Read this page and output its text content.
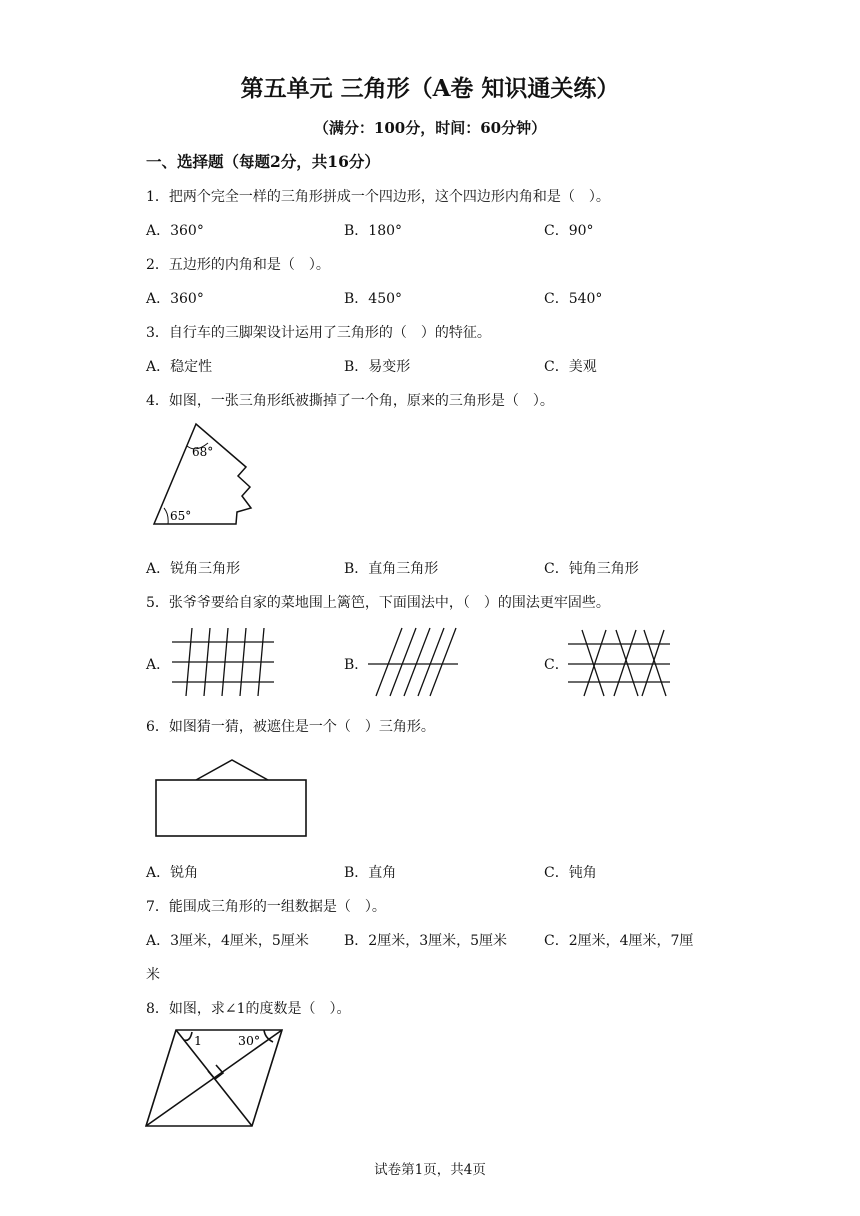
第五单元 三角形（A卷 知识通关练）
（满分：100分，时间：60分钟）
一、选择题（每题2分，共16分）
1．把两个完全一样的三角形拼成一个四边形，这个四边形内角和是（　）。
A．360°	B．180°	C．90°
2．五边形的内角和是（　）。
A．360°	B．450°	C．540°
3．自行车的三脚架设计运用了三角形的（　）的特征。
A．稳定性	B．易变形	C．美观
4．如图，一张三角形纸被撕掉了一个角，原来的三角形是（　）。
68°
65°
A．锐角三角形	B．直角三角形	C．钝角三角形
5．张爷爷要给自家的菜地围上篱笆，下面围法中，（　）的围法更牢固些。
A．	B．	C．
6．如图猜一猜，被遮住是一个（　）三角形。
A．锐角	B．直角	C．钝角
7．能围成三角形的一组数据是（　）。
A．3厘米，4厘米，5厘米	B．2厘米，3厘米，5厘米	C．2厘米，4厘米，7厘
米
8．如图，求∠1的度数是（　）。
1	30°
试卷第1页，共4页
